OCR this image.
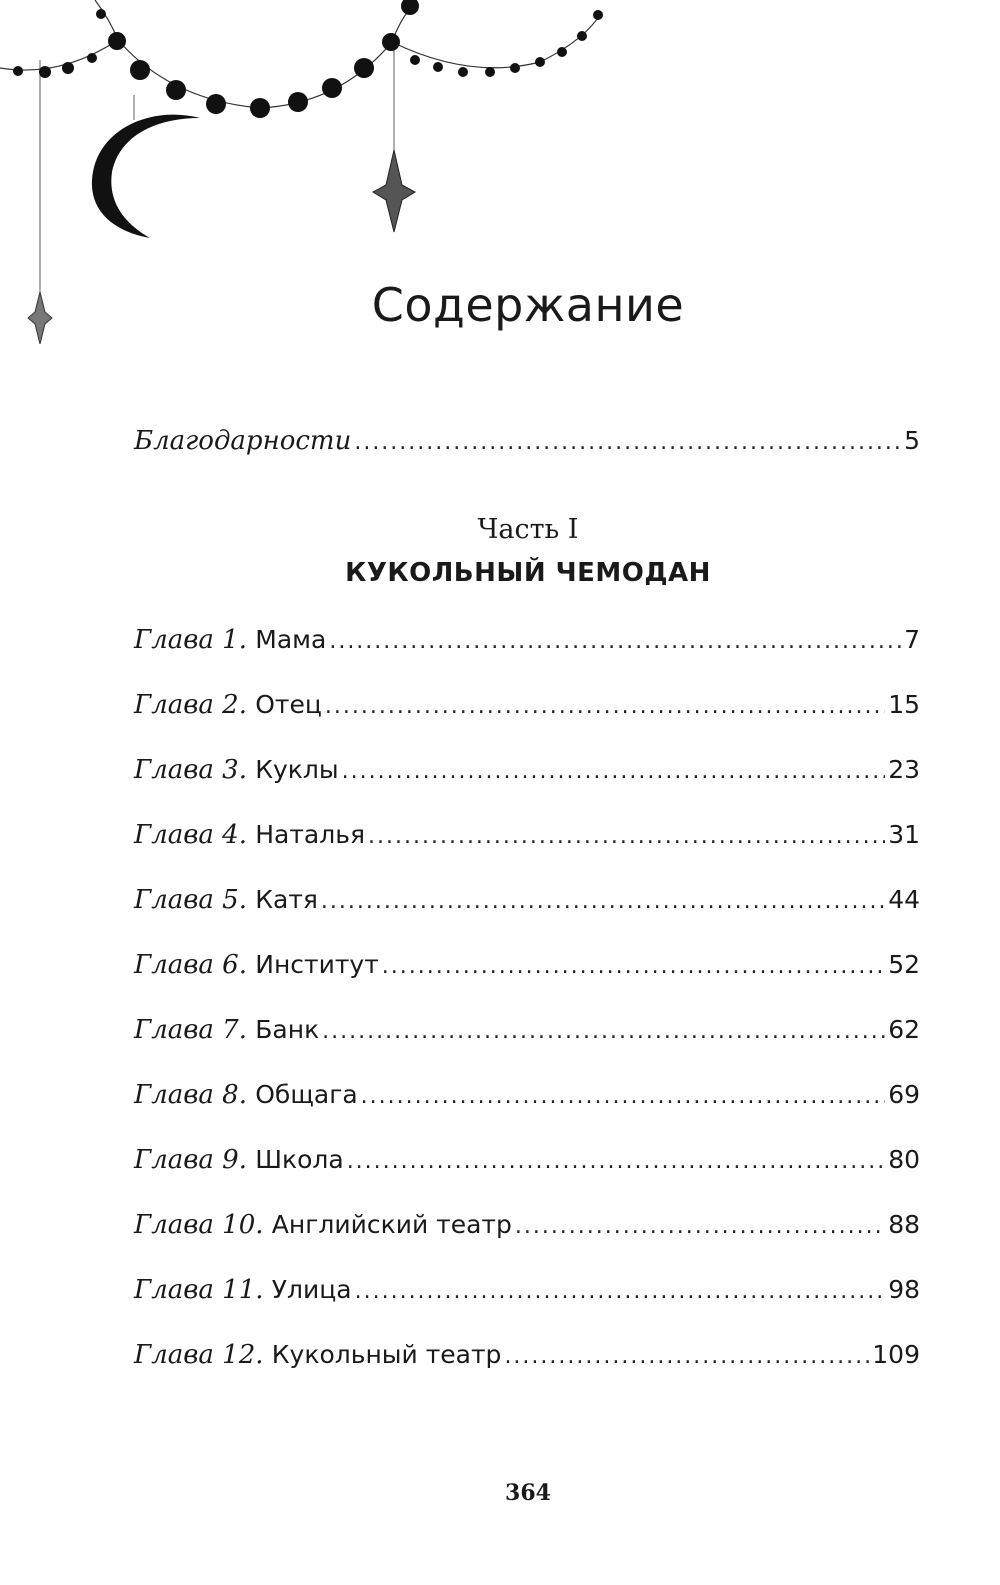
Содержание
Благодарности .....	5
Часть I
КУКОЛЬНЫЙ ЧЕМОДАН
Глава 1. Мама .....	7
Глава 2. Отец .....	15
Глава 3. Куклы .....	23
Глава 4. Наталья .....	31
Глава 5. Катя .....	44
Глава 6. Институт .....	52
Глава 7. Банк .....	62
Глава 8. Общага .....	69
Глава 9. Школа .....	80
Глава 10. Английский театр .....	88
Глава 11. Улица .....	98
Глава 12. Кукольный театр .....	109
364
